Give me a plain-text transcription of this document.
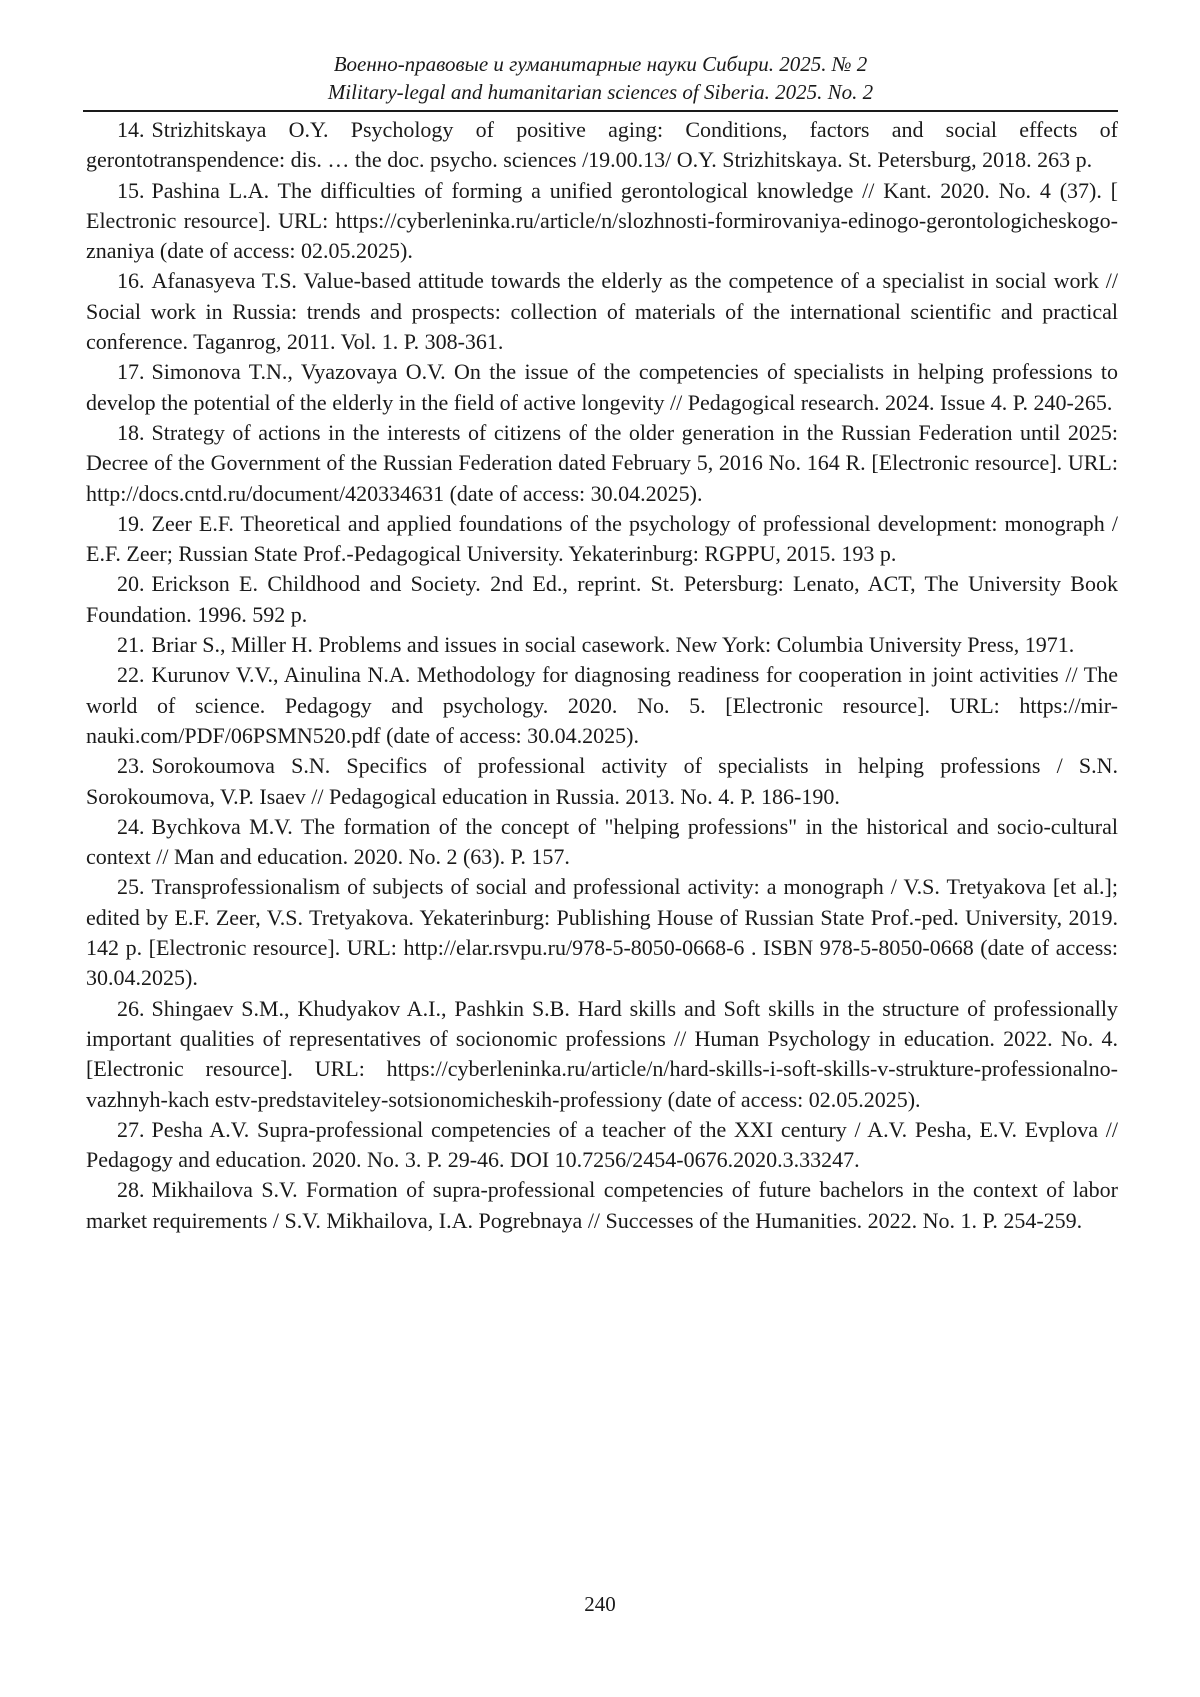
Военно-правовые и гуманитарные науки Сибири. 2025. № 2
Military-legal and humanitarian sciences of Siberia. 2025. No. 2

14. Strizhitskaya O.Y. Psychology of positive aging: Conditions, factors and social effects of gerontotranspendence: dis. … the doc. psycho. sciences /19.00.13/ O.Y. Strizhitskaya. St. Petersburg, 2018. 263 p.

15. Pashina L.A. The difficulties of forming a unified gerontological knowledge // Kant. 2020. No. 4 (37). [ Electronic resource]. URL: https://cyberleninka.ru/article/n/slozhnosti-formirovaniya-edinogo-gerontologicheskogo-znaniya (date of access: 02.05.2025).

16. Afanasyeva T.S. Value-based attitude towards the elderly as the competence of a specialist in social work // Social work in Russia: trends and prospects: collection of materials of the international scientific and practical conference. Taganrog, 2011. Vol. 1. P. 308-361.

17. Simonova T.N., Vyazovaya O.V. On the issue of the competencies of specialists in helping professions to develop the potential of the elderly in the field of active longevity // Pedagogical research. 2024. Issue 4. P. 240-265.

18. Strategy of actions in the interests of citizens of the older generation in the Russian Federation until 2025: Decree of the Government of the Russian Federation dated February 5, 2016 No. 164 R. [Electronic resource]. URL: http://docs.cntd.ru/document/420334631 (date of access: 30.04.2025).

19. Zeer E.F. Theoretical and applied foundations of the psychology of professional development: monograph / E.F. Zeer; Russian State Prof.-Pedagogical University. Yekaterinburg: RGPPU, 2015. 193 p.

20. Erickson E. Childhood and Society. 2nd Ed., reprint. St. Petersburg: Lenato, ACT, The University Book Foundation. 1996. 592 p.

21. Briar S., Miller H. Problems and issues in social casework. New York: Columbia University Press, 1971.

22. Kurunov V.V., Ainulina N.A. Methodology for diagnosing readiness for cooperation in joint activities // The world of science. Pedagogy and psychology. 2020. No. 5. [Electronic resource]. URL: https://mir-nauki.com/PDF/06PSMN520.pdf (date of access: 30.04.2025).

23. Sorokoumova S.N. Specifics of professional activity of specialists in helping professions / S.N. Sorokoumova, V.P. Isaev // Pedagogical education in Russia. 2013. No. 4. P. 186-190.

24. Bychkova M.V. The formation of the concept of "helping professions" in the historical and socio-cultural context // Man and education. 2020. No. 2 (63). P. 157.

25. Transprofessionalism of subjects of social and professional activity: a monograph / V.S. Tretyakova [et al.]; edited by E.F. Zeer, V.S. Tretyakova. Yekaterinburg: Publishing House of Russian State Prof.-ped. University, 2019. 142 p. [Electronic resource]. URL: http://elar.rsvpu.ru/978-5-8050-0668-6 . ISBN 978-5-8050-0668 (date of access: 30.04.2025).

26. Shingaev S.M., Khudyakov A.I., Pashkin S.B. Hard skills and Soft skills in the structure of professionally important qualities of representatives of socionomic professions // Human Psychology in education. 2022. No. 4. [Electronic resource]. URL: https://cyberleninka.ru/article/n/hard-skills-i-soft-skills-v-strukture-professionalno-vazhnyh-kach estv-predstaviteley-sotsionomicheskih-professiony (date of access: 02.05.2025).

27. Pesha A.V. Supra-professional competencies of a teacher of the XXI century / A.V. Pesha, E.V. Evplova // Pedagogy and education. 2020. No. 3. P. 29-46. DOI 10.7256/2454-0676.2020.3.33247.

28. Mikhailova S.V. Formation of supra-professional competencies of future bachelors in the context of labor market requirements / S.V. Mikhailova, I.A. Pogrebnaya // Successes of the Humanities. 2022. No. 1. P. 254-259.

240
